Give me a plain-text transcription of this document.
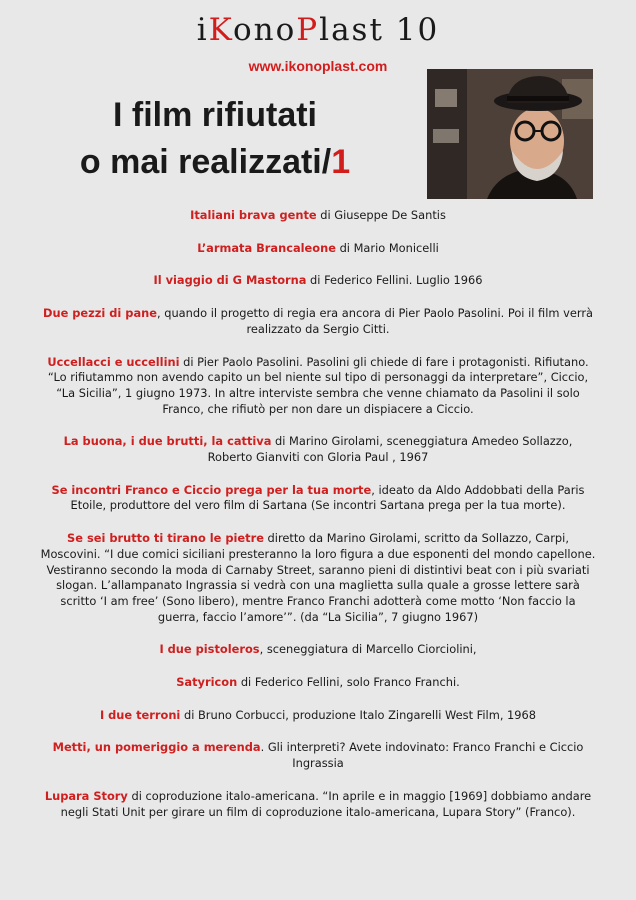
iKonoPlast 10
www.ikonoplast.com
I film rifiutati
o mai realizzati/1

Italiani brava gente di Giuseppe De Santis

L’armata Brancaleone di Mario Monicelli

Il viaggio di G Mastorna di Federico Fellini. Luglio 1966

Due pezzi di pane, quando il progetto di regia era ancora di Pier Paolo Pasolini. Poi il film verrà realizzato da Sergio Citti.

Uccellacci e uccellini di Pier Paolo Pasolini. Pasolini gli chiede di fare i protagonisti. Rifiutano. “Lo rifiutammo non avendo capito un bel niente sul tipo di personaggi da interpretare”, Ciccio, “La Sicilia”, 1 giugno 1973. In altre interviste sembra che venne chiamato da Pasolini il solo Franco, che rifiutò per non dare un dispiacere a Ciccio.

La buona, i due brutti, la cattiva di Marino Girolami, sceneggiatura Amedeo Sollazzo, Roberto Gianviti con Gloria Paul , 1967

Se incontri Franco e Ciccio prega per la tua morte, ideato da Aldo Addobbati della Paris Etoile, produttore del vero film di Sartana (Se incontri Sartana prega per la tua morte).

Se sei brutto ti tirano le pietre diretto da Marino Girolami, scritto da Sollazzo, Carpi, Moscovini. “I due comici siciliani presteranno la loro figura a due esponenti del mondo capellone. Vestiranno secondo la moda di Carnaby Street, saranno pieni di distintivi beat con i più svariati slogan. L’allampanato Ingrassia si vedrà con una maglietta sulla quale a grosse lettere sarà scritto ‘I am free’ (Sono libero), mentre Franco Franchi adotterà come motto ‘Non faccio la guerra, faccio l’amore’”. (da “La Sicilia”, 7 giugno 1967)

I due pistoleros, sceneggiatura di Marcello Ciorciolini,

Satyricon di Federico Fellini, solo Franco Franchi.

I due terroni di Bruno Corbucci, produzione Italo Zingarelli West Film, 1968

Metti, un pomeriggio a merenda. Gli interpreti? Avete indovinato: Franco Franchi e Ciccio Ingrassia

Lupara Story di coproduzione italo-americana. “In aprile e in maggio [1969] dobbiamo andare negli Stati Unit per girare un film di coproduzione italo-americana, Lupara Story” (Franco).
